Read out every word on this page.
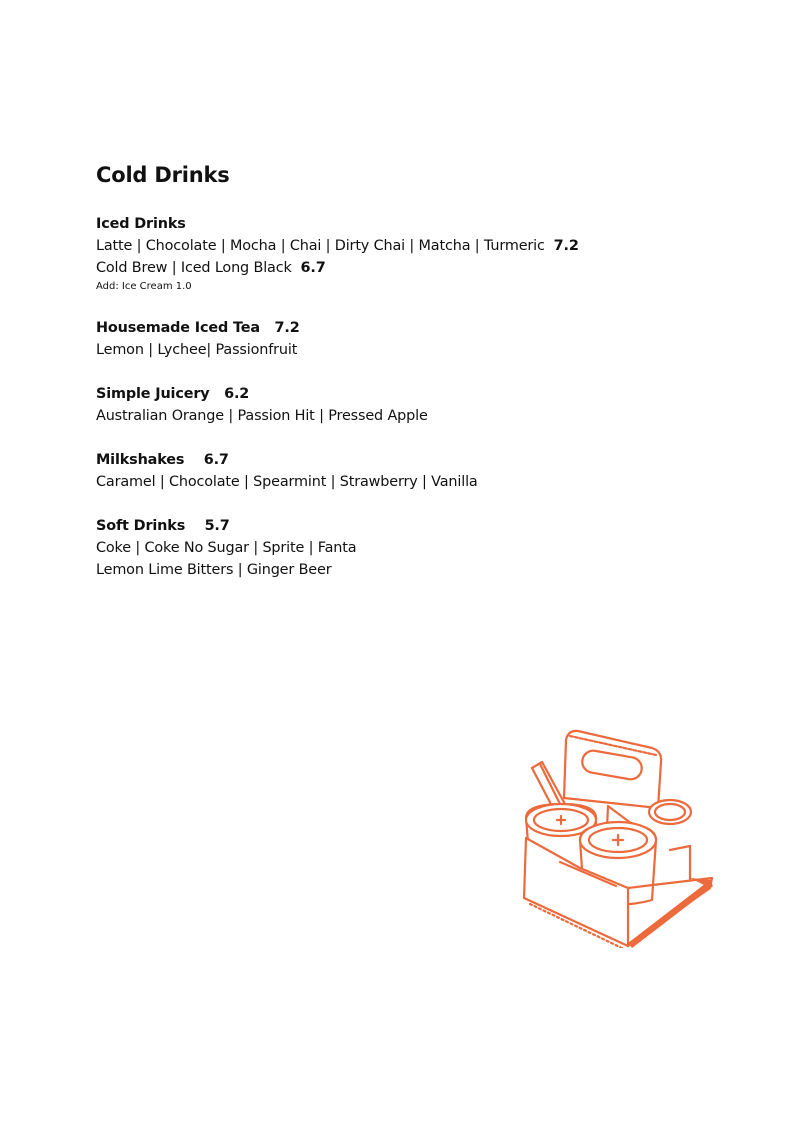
Cold Drinks
Iced Drinks
Latte | Chocolate | Mocha | Chai | Dirty Chai | Matcha | Turmeric 7.2
Cold Brew | Iced Long Black 6.7
Add: Ice Cream 1.0
Housemade Iced Tea 7.2
Lemon | Lychee| Passionfruit
Simple Juicery 6.2
Australian Orange | Passion Hit | Pressed Apple
Milkshakes 6.7
Caramel | Chocolate | Spearmint | Strawberry | Vanilla
Soft Drinks 5.7
Coke | Coke No Sugar | Sprite | Fanta
Lemon Lime Bitters | Ginger Beer
